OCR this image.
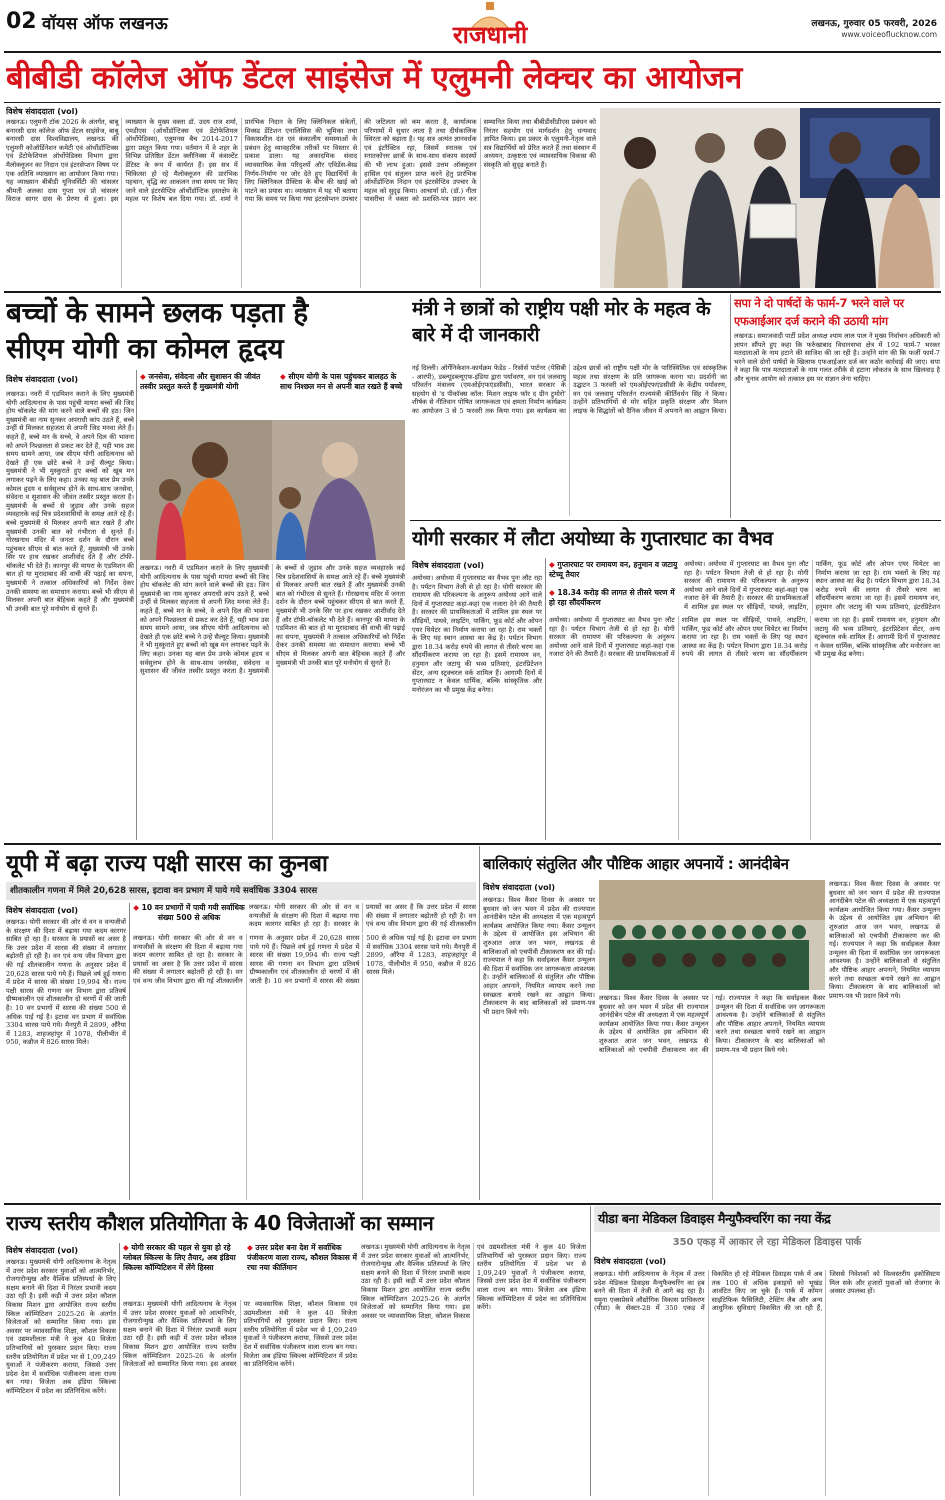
02 वॉयस ऑफ लखनऊ	राजधानी	लखनऊ, गुरुवार 05 फरवरी, 2026
www.voiceoflucknow.com
बीबीडी कॉलेज ऑफ डेंटल साइंसेज में एलुमनी लेक्चर का आयोजन
विशेष संवाददाता (vol)
लखनऊ। एलुमनी टॉक 2026 के अंतर्गत, बाबू बनारसी दास कॉलेज ऑफ डेंटल साइंसेज, बाबू बनारसी दास विश्वविद्यालय, लखनऊ की एलुमनी कोऑर्डिनेशन कमेटी एवं ऑर्थोडॉन्टिक्स एवं डेंटोफेशियल ऑर्थोपेडिक्स विभाग द्वारा मैलोक्लूजन का निदान एवं इंटरसेप्शन विषय पर एक अतिथि व्याख्यान का आयोजन किया गया। यह व्याख्यान बीबीडी यूनिवर्सिटी की चांसलर श्रीमती अलका दास गुप्ता एवं प्रो चांसलर विराज सागर दास के प्रेरणा से हुआ। इस व्याख्यान के मुख्य वक्ता डॉ. उदय राज शर्मा, एमडीएस (ऑर्थोडॉन्टिक्स एवं डेंटोफेशियल ऑर्थोपेडिक्स), एलुमनस बैच 2014-2017 द्वारा प्रस्तुत किया गया। वर्तमान में वे शहर के विभिन्न प्रतिष्ठित डेंटल क्लीनिक्स में कंसल्टेंट डेंटिस्ट के रूप में कार्यरत हैं। इस सत्र में चिकित्सा हो रहे मैलोक्लूजन की प्रारंभिक पहचान, वृद्धि का आकलन तथा समय पर किए जाने वाले इंटरसेप्टिव ऑर्थोडॉन्टिक हस्तक्षेप के महत्व पर विशेष बल दिया गया। डॉ. शर्मा ने प्रारंभिक निदान के लिए क्लिनिकल संकेतों, मिक्स्ड डेंटिशन एनालिसिस की भूमिका तथा विकासशील दंत एवं कंकालीय समस्याओं के प्रबंधन हेतु व्यावहारिक तरीकों पर विस्तार से प्रकाश डाला। यह अकादमिक संवाद व्यावसायिक केस परिदृश्यों और एविडेंस-बेस्ड निर्णय-निर्माण पर जोर देते हुए विद्यार्थियों के लिए क्लिनिकल प्रैक्टिस के बीच की खाई को पाटने का प्रयास था। व्याख्यान में यह भी बताया गया कि समय पर किया गया इंटरसेप्शन उपचार की जटिलता को कम करता है, कार्यात्मक परिणामों में सुधार लाता है तथा दीर्घकालिक स्थिरता को बढ़ाता है। यह सत्र अत्यंत ज्ञानवर्धक एवं इंटरैक्टिव रहा, जिसमें स्नातक एवं स्नातकोत्तर छात्रों के साथ-साथ संकाय सदस्यों की भी लाभ हुआ। इससे उत्तम ऑक्लूजन हासिल एवं संतुलन प्राप्त करने हेतु प्रारंभिक ऑर्थोडॉन्टिक निदान एवं इंटरसेप्टिव उपचार के महत्व को सुदृढ़ किया। आचार्या प्रो. (डॉ.) नीता पासरीचा ने वक्ता को प्रशस्ति-पत्र प्रदान कर सम्मानित किया तथा बीबीडीसीडीएस प्रबंधन को निरंतर सहयोग एवं मार्गदर्शन हेतु धन्यवाद ज्ञापित किया। इस प्रकार के एलुमनी-नेतृत्व वाले सत्र विद्यार्थियों को प्रेरित करते हैं तथा संस्थान में अध्ययन, उत्कृष्टता एवं व्यावसायिक विकास की संस्कृति को सुदृढ़ बनाते हैं।
बच्चों के सामने छलक पड़ता है
सीएम योगी का कोमल हृदय
विशेष संवाददाता (vol)
लखनऊ। नवरी में एडमिशन कराने के लिए मुख्यमंत्री योगी आदित्यनाथ के पास पहुंची मायरा बच्चों की जिद होय चॉकलेट की मांग करने वाले बच्चों की हठ। जिन मुख्यमंत्री का नाम सुनकर अपराधी कांप उठते हैं, बच्चे उन्हीं से मिलकर सहजता से अपनी जिद मनवा लेते हैं। कहते हैं, बच्चे मन के सच्चे, वे अपने दिल की भावना को अपने निश्छलता से प्रकट कर देते हैं, यही भाव उस समय सामने आया, जब सीएम योगी आदित्यनाथ को देखते ही एक छोटे बच्चे ने उन्हें सैल्यूट किया। मुख्यमंत्री ने भी मुस्कुराते हुए बच्चों को खूब मन लगाकर पढ़ने के लिए कहा। उनका यह बाल प्रेम उनके कोमल हृदय व सर्वसुलभ होने के साथ-साथ जनसेवा, संवेदना व सुशासन की जीवंत तस्वीर प्रस्तुत करता है। मुख्यमंत्री के बच्चों से जुड़ाव और उनके सहज व्यवहारके कई चित्र प्रदेशवासियों के समक्ष आते रहे हैं। बच्चे मुख्यमंत्री से मिलकर अपनी बात रखते हैं और मुख्यमंत्री उनकी बात को गंभीरता से सुनते हैं। गोरखनाथ मंदिर में जनता दर्शन के दौरान बच्चे पहुंचकर सीएम से बात करते हैं, मुख्यमंत्री भी उनके सिर पर हाथ रखकर आशीर्वाद देते हैं और टॉफी-चॉकलेट भी देते हैं। कानपुर की मायरा के एडमिशन की बात हो या मुरादाबाद की वाची की पढ़ाई का सपना, मुख्यमंत्री ने तत्काल अधिकारियों को निर्देश देकर उनकी समस्या का समाधान कराया। बच्चे भी सीएम से मिलकर अपनी बात बेहिचक कहते हैं और मुख्यमंत्री भी उनकी बात पूरे मनोयोग से सुनते हैं।
◆ जनसेवा, संवेदना और सुशासन की जीवंत तस्वीर प्रस्तुत करते हैं मुख्यमंत्री योगी
◆ सीएम योगी के पास पहुंचकर बालहठ के साथ निश्छल मन से अपनी बात रखते हैं बच्चे
लखनऊ। नवरी में एडमिशन कराने के लिए मुख्यमंत्री योगी आदित्यनाथ के पास पहुंची मायरा बच्चों की जिद होय चॉकलेट की मांग करने वाले बच्चों की हठ। जिन मुख्यमंत्री का नाम सुनकर अपराधी कांप उठते हैं, बच्चे उन्हीं से मिलकर सहजता से अपनी जिद मनवा लेते हैं। कहते हैं, बच्चे मन के सच्चे, वे अपने दिल की भावना को अपने निश्छलता से प्रकट कर देते हैं, यही भाव उस समय सामने आया, जब सीएम योगी आदित्यनाथ को देखते ही एक छोटे बच्चे ने उन्हें सैल्यूट किया। मुख्यमंत्री ने भी मुस्कुराते हुए बच्चों को खूब मन लगाकर पढ़ने के लिए कहा। उनका यह बाल प्रेम उनके कोमल हृदय व सर्वसुलभ होने के साथ-साथ जनसेवा, संवेदना व सुशासन की जीवंत तस्वीर प्रस्तुत करता है। मुख्यमंत्री के बच्चों से जुड़ाव और उनके सहज व्यवहारके कई चित्र प्रदेशवासियों के समक्ष आते रहे हैं। बच्चे मुख्यमंत्री से मिलकर अपनी बात रखते हैं और मुख्यमंत्री उनकी बात को गंभीरता से सुनते हैं। गोरखनाथ मंदिर में जनता दर्शन के दौरान बच्चे पहुंचकर सीएम से बात करते हैं, मुख्यमंत्री भी उनके सिर पर हाथ रखकर आशीर्वाद देते हैं और टॉफी-चॉकलेट भी देते हैं। कानपुर की मायरा के एडमिशन की बात हो या मुरादाबाद की वाची की पढ़ाई का सपना, मुख्यमंत्री ने तत्काल अधिकारियों को निर्देश देकर उनकी समस्या का समाधान कराया। बच्चे भी सीएम से मिलकर अपनी बात बेहिचक कहते हैं और मुख्यमंत्री भी उनकी बात पूरे मनोयोग से सुनते हैं।
मंत्री ने छात्रों को राष्ट्रीय पक्षी मोर के महत्व के बारे में दी जानकारी
नई दिल्ली। ऑर्गेनिकेशन-कार्यक्रम फेडेड - रिसोर्स पार्टनर (पेसिबी - आरपी), डब्ल्यूडब्ल्यूएफ-इंडिया द्वारा पर्यावरण, वन एवं जलवायु परिवर्तन मंत्रालय (एमओईएफएंडसीसी), भारत सरकार के सहयोग से 'द पीकॉक्स कॉल: मिशन लाइफ फॉर द ग्रीन ट्रुमोरो' शीर्षक से नीतिवान पोषित जागरूकता एवं क्षमता निर्माण कार्यक्रम का आयोजन 3 से 5 फरवरी तक किया गया। इस कार्यक्रम का उद्देश्य छात्रों को राष्ट्रीय पक्षी मोर के पारिस्थितिक एवं सांस्कृतिक महत्व तथा संरक्षण के प्रति जागरूक करना था। प्रदर्शनी का उद्घाटन 3 फरवरी को एमओईएफएंडसीसी के केंद्रीय पर्यावरण, वन एवं जलवायु परिवर्तन राज्यमंत्री कीर्तिवर्धन सिंह ने किया। उन्होंने प्रतिभागियों से मोर सहित प्रकृति संरक्षण और मिशन लाइफ के सिद्धांतों को दैनिक जीवन में अपनाने का आह्वान किया।
सपा ने दो पार्षदों के फार्म-7 भरने वाले पर
एफआईआर दर्ज कराने की उठायी मांग
लखनऊ। समाजवादी पार्टी प्रदेश अध्यक्ष श्याम लाल पाल ने मुख्य निर्वाचन अधिकारी को ज्ञापन सौंपते हुए कहा कि फर्रुखाबाद विधानसभा क्षेत्र में 192 फार्म-7 भरकर मतदाताओं के नाम हटाने की साजिश की जा रही है। उन्होंने मांग की कि फर्जी फार्म-7 भरने वाले दोनों पार्षदों के खिलाफ एफआईआर दर्ज कर कठोर कार्रवाई की जाए। सपा ने कहा कि पात्र मतदाताओं के नाम गलत तरीके से हटाना लोकतंत्र के साथ खिलवाड़ है और चुनाव आयोग को तत्काल इस पर संज्ञान लेना चाहिए।
योगी सरकार में लौटा अयोध्या के गुप्तारघाट का वैभव
विशेष संवाददाता (vol)
अयोध्या। अयोध्या में गुप्तारघाट का वैभव पुनः लौट रहा है। पर्यटन विभाग तेजी से हो रहा है। योगी सरकार की रामायण की परिकल्पना के अनुरूप अयोध्या आने वाले दिनों में गुप्तारघाट कहां-कहां एक नजारा देने की तैयारी है। सरकार की प्राथमिकताओं में शामिल इस स्थल पर सीढ़ियों, पाथवे, लाइटिंग, पार्किंग, फूड कोर्ट और ओपन एयर थियेटर का निर्माण कराया जा रहा है। राम भक्तों के लिए यह स्थान आस्था का केंद्र है। पर्यटन विभाग द्वारा 18.34 करोड़ रुपये की लागत से तीसरे चरण का सौंदर्यीकरण कराया जा रहा है। इसमें रामायण वन, हनुमान और जटायु की भव्य प्रतिमाएं, इंटरप्रिटेशन सेंटर, अन्य स्ट्रक्चरल वर्क शामिल हैं। आगामी दिनों में गुप्तारघाट न केवल धार्मिक, बल्कि सांस्कृतिक और मनोरंजन का भी प्रमुख केंद्र बनेगा।
◆ गुप्तारघाट पर रामायण वन, हनुमान व जटायु स्टेच्यू तैयार
◆ 18.34 करोड़ की लागत से तीसरे चरण में हो रहा सौंदर्यीकरण
अयोध्या। अयोध्या में गुप्तारघाट का वैभव पुनः लौट रहा है। पर्यटन विभाग तेजी से हो रहा है। योगी सरकार की रामायण की परिकल्पना के अनुरूप अयोध्या आने वाले दिनों में गुप्तारघाट कहां-कहां एक नजारा देने की तैयारी है। सरकार की प्राथमिकताओं में शामिल इस स्थल पर सीढ़ियों, पाथवे, लाइटिंग, पार्किंग, फूड कोर्ट और ओपन एयर थियेटर का निर्माण कराया जा रहा है। राम भक्तों के लिए यह स्थान आस्था का केंद्र है। पर्यटन विभाग द्वारा 18.34 करोड़ रुपये की लागत से तीसरे चरण का सौंदर्यीकरण कराया जा रहा है। इसमें रामायण वन, हनुमान और जटायु की भव्य प्रतिमाएं, इंटरप्रिटेशन सेंटर, अन्य स्ट्रक्चरल वर्क शामिल हैं। आगामी दिनों में गुप्तारघाट न केवल धार्मिक, बल्कि सांस्कृतिक और मनोरंजन का भी प्रमुख केंद्र बनेगा।
अयोध्या। अयोध्या में गुप्तारघाट का वैभव पुनः लौट रहा है। पर्यटन विभाग तेजी से हो रहा है। योगी सरकार की रामायण की परिकल्पना के अनुरूप अयोध्या आने वाले दिनों में गुप्तारघाट कहां-कहां एक नजारा देने की तैयारी है। सरकार की प्राथमिकताओं में शामिल इस स्थल पर सीढ़ियों, पाथवे, लाइटिंग, पार्किंग, फूड कोर्ट और ओपन एयर थियेटर का निर्माण कराया जा रहा है। राम भक्तों के लिए यह स्थान आस्था का केंद्र है। पर्यटन विभाग द्वारा 18.34 करोड़ रुपये की लागत से तीसरे चरण का सौंदर्यीकरण कराया जा रहा है। इसमें रामायण वन, हनुमान और जटायु की भव्य प्रतिमाएं, इंटरप्रिटेशन
यूपी में बढ़ा राज्य पक्षी सारस का कुनबा
शीतकालीन गणना में मिले 20,628 सारस, इटावा वन प्रभाग में पाये गये सर्वाधिक 3304 सारस
विशेष संवाददाता (vol)
लखनऊ। योगी सरकार की ओर से वन व वन्यजीवों के संरक्षण की दिशा में बढ़ाया गया कदम कारगर साबित हो रहा है। सरकार के प्रयासों का असर है कि उत्तर प्रदेश में सारस की संख्या में लगातार बढ़ोतरी हो रही है। वन एवं वन्य जीव विभाग द्वारा की गई शीतकालीन गणना के अनुसार प्रदेश में 20,628 सारस पाये गये हैं। पिछले वर्ष हुई गणना में प्रदेश में सारस की संख्या 19,994 थी। राज्य पक्षी सारस की गणना वन विभाग द्वारा प्रतिवर्ष ग्रीष्मकालीन एवं शीतकालीन दो चरणों में की जाती है। 10 वन प्रभागों में सारस की संख्या 500 से अधिक पाई गई है। इटावा वन प्रभाग में सर्वाधिक 3304 सारस पाये गये। मैनपुरी में 2899, औरैया में 1283, शाहजहांपुर में 1078, पीलीभीत में 950, कन्नौज में 826 सारस मिले।
◆ 10 वन प्रभागों में पायी गयी सर्वाधिक संख्या 500 से अधिक
लखनऊ। योगी सरकार की ओर से वन व वन्यजीवों के संरक्षण की दिशा में बढ़ाया गया कदम कारगर साबित हो रहा है। सरकार के प्रयासों का असर है कि उत्तर प्रदेश में सारस की संख्या में लगातार बढ़ोतरी हो रही है। वन एवं वन्य जीव विभाग द्वारा की गई शीतकालीन गणना के अनुसार प्रदेश में 20,628 सारस पाये गये हैं। पिछले वर्ष हुई गणना में प्रदेश में सारस की संख्या 19,994 थी। राज्य पक्षी सारस की गणना वन विभाग द्वारा प्रतिवर्ष ग्रीष्मकालीन एवं शीतकालीन दो चरणों में की जाती है। 10 वन प्रभागों में सारस की संख्या 500 से अधिक पाई गई है। इटावा वन प्रभाग में सर्वाधिक 3304 सारस पाये गये। मैनपुरी में 2899, औरैया में 1283, शाहजहांपुर में 1078, पीलीभीत में 950, कन्नौज में 826 सारस मिले।
लखनऊ। योगी सरकार की ओर से वन व वन्यजीवों के संरक्षण की दिशा में बढ़ाया गया कदम कारगर साबित हो रहा है। सरकार के प्रयासों का असर है कि उत्तर प्रदेश में सारस की संख्या में लगातार बढ़ोतरी हो रही है। वन एवं वन्य जीव विभाग द्वारा की गई शीतकालीन
बालिकाएं संतुलित और पौष्टिक आहार अपनायें : आनंदीबेन
विशेष संवाददाता (vol)
लखनऊ। विश्व कैंसर दिवस के अवसर पर बुधवार को जन भवन में प्रदेश की राज्यपाल आनंदीबेन पटेल की अध्यक्षता में एक महत्वपूर्ण कार्यक्रम आयोजित किया गया। कैंसर उन्मूलन के उद्देश्य से आयोजित इस अभियान की शुरुआत आज जन भवन, लखनऊ से बालिकाओं को एचपीवी टीकाकरण कर की गई। राज्यपाल ने कहा कि सर्वाइकल कैंसर उन्मूलन की दिशा में सर्वाधिक जन जागरूकता आवश्यक है। उन्होंने बालिकाओं से संतुलित और पौष्टिक आहार अपनाने, नियमित व्यायाम करने तथा स्वच्छता बनाये रखने का आह्वान किया। टीकाकरण के बाद बालिकाओं को प्रमाण-पत्र भी प्रदान किये गये।
लखनऊ। विश्व कैंसर दिवस के अवसर पर बुधवार को जन भवन में प्रदेश की राज्यपाल आनंदीबेन पटेल की अध्यक्षता में एक महत्वपूर्ण कार्यक्रम आयोजित किया गया। कैंसर उन्मूलन के उद्देश्य से आयोजित इस अभियान की शुरुआत आज जन भवन, लखनऊ से बालिकाओं को एचपीवी टीकाकरण कर की गई। राज्यपाल ने कहा कि सर्वाइकल कैंसर उन्मूलन की दिशा में सर्वाधिक जन जागरूकता आवश्यक है। उन्होंने बालिकाओं से संतुलित और पौष्टिक आहार अपनाने, नियमित व्यायाम करने तथा स्वच्छता बनाये रखने का आह्वान किया। टीकाकरण के बाद बालिकाओं को प्रमाण-पत्र भी प्रदान किये गये।
लखनऊ। विश्व कैंसर दिवस के अवसर पर बुधवार को जन भवन में प्रदेश की राज्यपाल आनंदीबेन पटेल की अध्यक्षता में एक महत्वपूर्ण कार्यक्रम आयोजित किया गया। कैंसर उन्मूलन के उद्देश्य से आयोजित इस अभियान की शुरुआत आज जन भवन, लखनऊ से बालिकाओं को एचपीवी टीकाकरण कर की गई। राज्यपाल ने कहा कि सर्वाइकल कैंसर उन्मूलन की दिशा में सर्वाधिक जन जागरूकता आवश्यक है। उन्होंने बालिकाओं से संतुलित और पौष्टिक आहार अपनाने, नियमित व्यायाम करने तथा स्वच्छता बनाये रखने का आह्वान किया। टीकाकरण के बाद बालिकाओं को प्रमाण-पत्र भी प्रदान किये गये।
राज्य स्तरीय कौशल प्रतियोगिता के 40 विजेताओं का सम्मान
विशेष संवाददाता (vol)
लखनऊ। मुख्यमंत्री योगी आदित्यनाथ के नेतृत्व में उत्तर प्रदेश सरकार युवाओं को आत्मनिर्भर, रोजगारोन्मुख और वैश्विक प्रतिस्पर्धा के लिए सक्षम बनाने की दिशा में निरंतर प्रभावी कदम उठा रही है। इसी कड़ी में उत्तर प्रदेश कौशल विकास मिशन द्वारा आयोजित राज्य स्तरीय स्किल कॉम्पिटिशन 2025-26 के अंतर्गत विजेताओं को सम्मानित किया गया। इस अवसर पर व्यावसायिक शिक्षा, कौशल विकास एवं उद्यमशीलता मंत्री ने कुल 40 विजेता प्रतिभागियों को पुरस्कार प्रदान किए। राज्य स्तरीय प्रतियोगिता में प्रदेश भर से 1,09,249 युवाओं ने पंजीकरण कराया, जिससे उत्तर प्रदेश देश में सर्वाधिक पंजीकरण वाला राज्य बन गया। विजेता अब इंडिया स्किल्स कॉम्पिटिशन में प्रदेश का प्रतिनिधित्व करेंगे।
◆ योगी सरकार की पहल से युवा हो रहे ग्लोबल स्किल्स के लिए तैयार, अब इंडिया स्किल्स कॉम्पिटिशन में लेंगे हिस्सा
◆ उत्तर प्रदेश बना देश में सर्वाधिक पंजीकरण वाला राज्य, कौशल विकास में रचा नया कीर्तिमान
लखनऊ। मुख्यमंत्री योगी आदित्यनाथ के नेतृत्व में उत्तर प्रदेश सरकार युवाओं को आत्मनिर्भर, रोजगारोन्मुख और वैश्विक प्रतिस्पर्धा के लिए सक्षम बनाने की दिशा में निरंतर प्रभावी कदम उठा रही है। इसी कड़ी में उत्तर प्रदेश कौशल विकास मिशन द्वारा आयोजित राज्य स्तरीय स्किल कॉम्पिटिशन 2025-26 के अंतर्गत विजेताओं को सम्मानित किया गया। इस अवसर पर व्यावसायिक शिक्षा, कौशल विकास एवं उद्यमशीलता मंत्री ने कुल 40 विजेता प्रतिभागियों को पुरस्कार प्रदान किए। राज्य स्तरीय प्रतियोगिता में प्रदेश भर से 1,09,249 युवाओं ने पंजीकरण कराया, जिससे उत्तर प्रदेश देश में सर्वाधिक पंजीकरण वाला राज्य बन गया। विजेता अब इंडिया स्किल्स कॉम्पिटिशन में प्रदेश का प्रतिनिधित्व करेंगे।
लखनऊ। मुख्यमंत्री योगी आदित्यनाथ के नेतृत्व में उत्तर प्रदेश सरकार युवाओं को आत्मनिर्भर, रोजगारोन्मुख और वैश्विक प्रतिस्पर्धा के लिए सक्षम बनाने की दिशा में निरंतर प्रभावी कदम उठा रही है। इसी कड़ी में उत्तर प्रदेश कौशल विकास मिशन द्वारा आयोजित राज्य स्तरीय स्किल कॉम्पिटिशन 2025-26 के अंतर्गत विजेताओं को सम्मानित किया गया। इस अवसर पर व्यावसायिक शिक्षा, कौशल विकास एवं उद्यमशीलता मंत्री ने कुल 40 विजेता प्रतिभागियों को पुरस्कार प्रदान किए। राज्य स्तरीय प्रतियोगिता में प्रदेश भर से 1,09,249 युवाओं ने पंजीकरण कराया, जिससे उत्तर प्रदेश देश में सर्वाधिक पंजीकरण वाला राज्य बन गया। विजेता अब इंडिया स्किल्स कॉम्पिटिशन में प्रदेश का प्रतिनिधित्व करेंगे।
यीडा बना मेडिकल डिवाइस मैन्युफैक्चरिंग का नया केंद्र
350 एकड़ में आकार ले रहा मेडिकल डिवाइस पार्क
विशेष संवाददाता (vol)
लखनऊ। योगी आदित्यनाथ के नेतृत्व में उत्तर प्रदेश मेडिकल डिवाइस मैन्युफैक्चरिंग का हब बनने की दिशा में तेजी से आगे बढ़ रहा है। यमुना एक्सप्रेसवे औद्योगिक विकास प्राधिकरण (यीडा) के सेक्टर-28 में 350 एकड़ में विकसित हो रहे मेडिकल डिवाइस पार्क में अब तक 100 से अधिक इकाइयों को भूखंड आवंटित किए जा चुके हैं। पार्क में कॉमन साइंटिफिक फैसिलिटी, टेस्टिंग लैब और अन्य आधुनिक सुविधाएं विकसित की जा रही हैं, जिससे निवेशकों को विश्वस्तरीय इकोसिस्टम मिल सके और हजारों युवाओं को रोजगार के अवसर उपलब्ध हों।
